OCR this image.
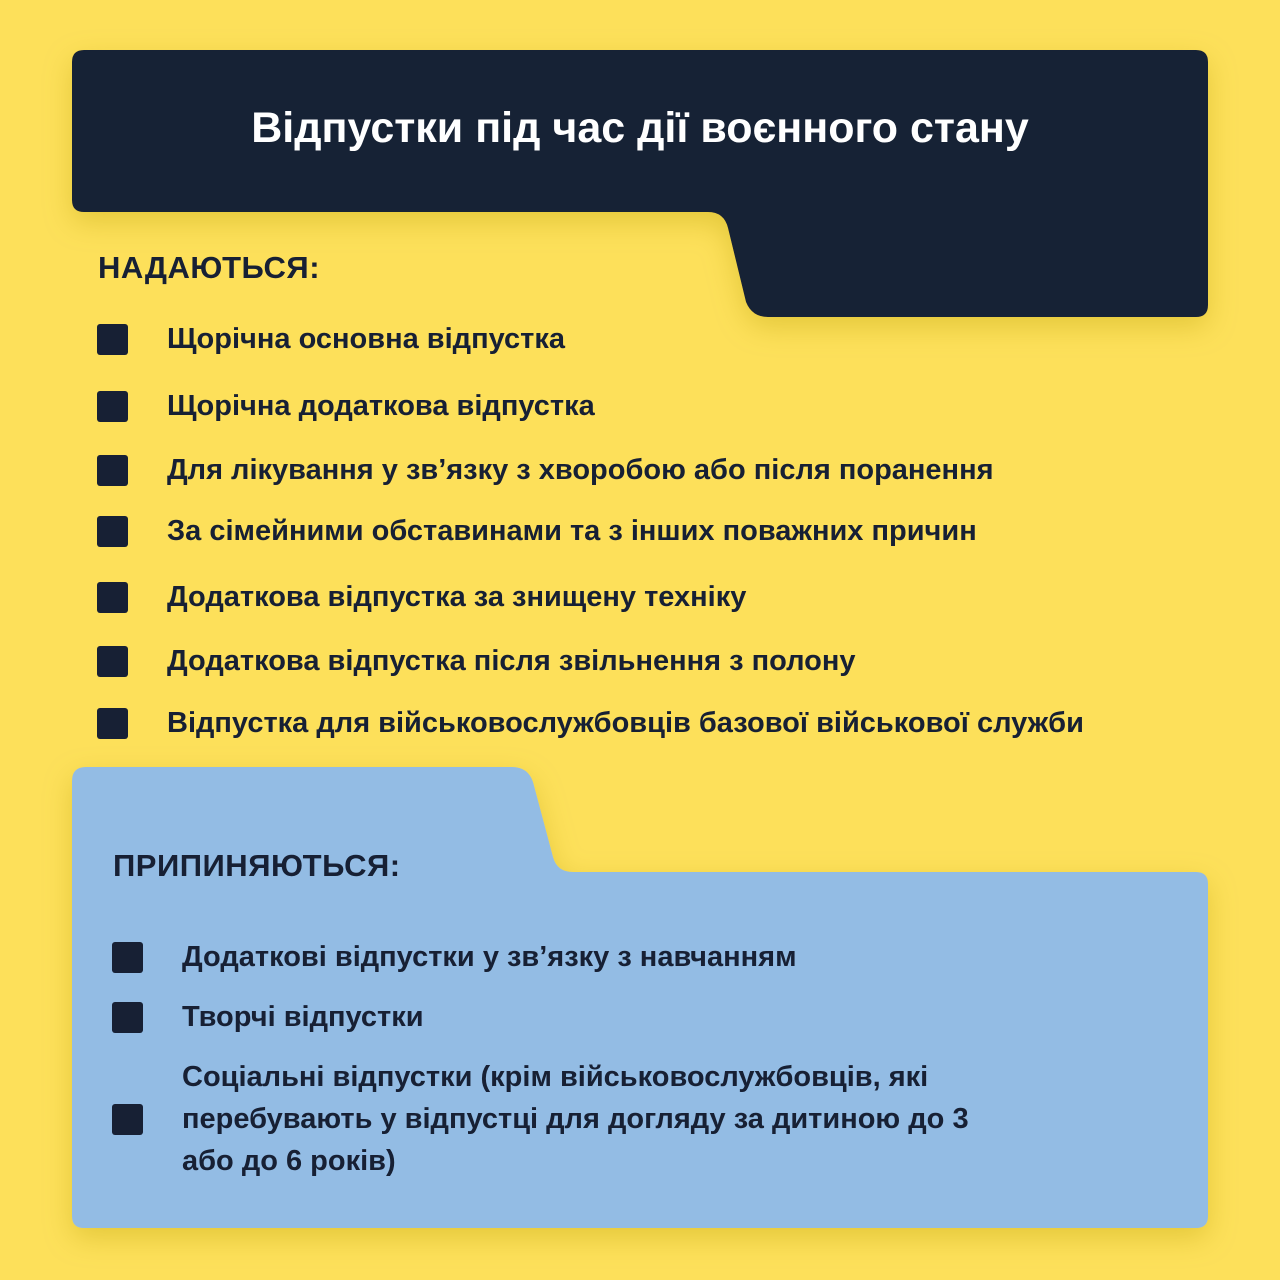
Відпустки під час дії воєнного стану
НАДАЮТЬСЯ:
Щорічна основна відпустка
Щорічна додаткова відпустка
Для лікування у зв’язку з хворобою або після поранення
За сімейними обставинами та з інших поважних причин
Додаткова відпустка за знищену техніку
Додаткова відпустка після звільнення з полону
Відпустка для військовослужбовців базової військової служби
ПРИПИНЯЮТЬСЯ:
Додаткові відпустки у зв’язку з навчанням
Творчі відпустки
Соціальні відпустки (крім військовослужбовців, які перебувають у відпустці для догляду за дитиною до 3 або до 6 років)
